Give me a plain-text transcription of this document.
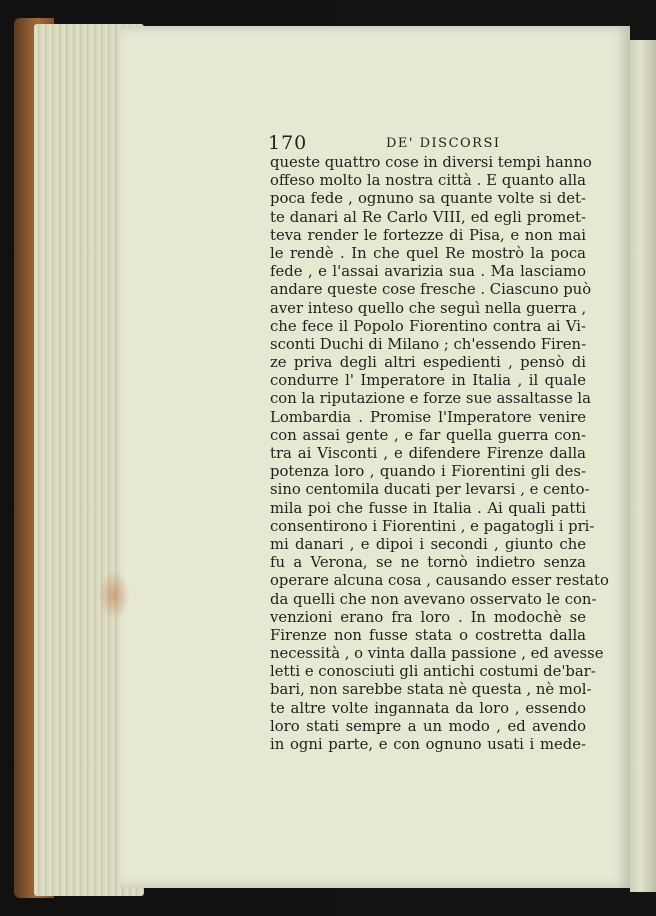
170	DE' DISCORSI
queste quattro cose in diversi tempi hanno
offeso molto la nostra città . E quanto alla
poca fede , ognuno sa quante volte si det-
te danari al Re Carlo VIII, ed egli promet-
teva render le fortezze di Pisa, e non mai
le rendè . In che quel Re mostrò la poca
fede , e l'assai avarizia sua . Ma lasciamo
andare queste cose fresche . Ciascuno può
aver inteso quello che seguì nella guerra ,
che fece il Popolo Fiorentino contra ai Vi-
sconti Duchi di Milano ; ch'essendo Firen-
ze priva degli altri espedienti , pensò di
condurre l' Imperatore in Italia , il quale
con la riputazione e forze sue assaltasse la
Lombardia . Promise l'Imperatore venire
con assai gente , e far quella guerra con-
tra ai Visconti , e difendere Firenze dalla
potenza loro , quando i Fiorentini gli des-
sino centomila ducati per levarsi , e cento-
mila poi che fusse in Italia . Ai quali patti
consentirono i Fiorentini , e pagatogli i pri-
mi danari , e dipoi i secondi , giunto che
fu a Verona, se ne tornò indietro senza
operare alcuna cosa , causando esser restato
da quelli che non avevano osservato le con-
venzioni erano fra loro . In modochè se
Firenze non fusse stata o costretta dalla
necessità , o vinta dalla passione , ed avesse
letti e conosciuti gli antichi costumi de'bar-
bari, non sarebbe stata nè questa , nè mol-
te altre volte ingannata da loro , essendo
loro stati sempre a un modo , ed avendo
in ogni parte, e con ognuno usati i mede-
